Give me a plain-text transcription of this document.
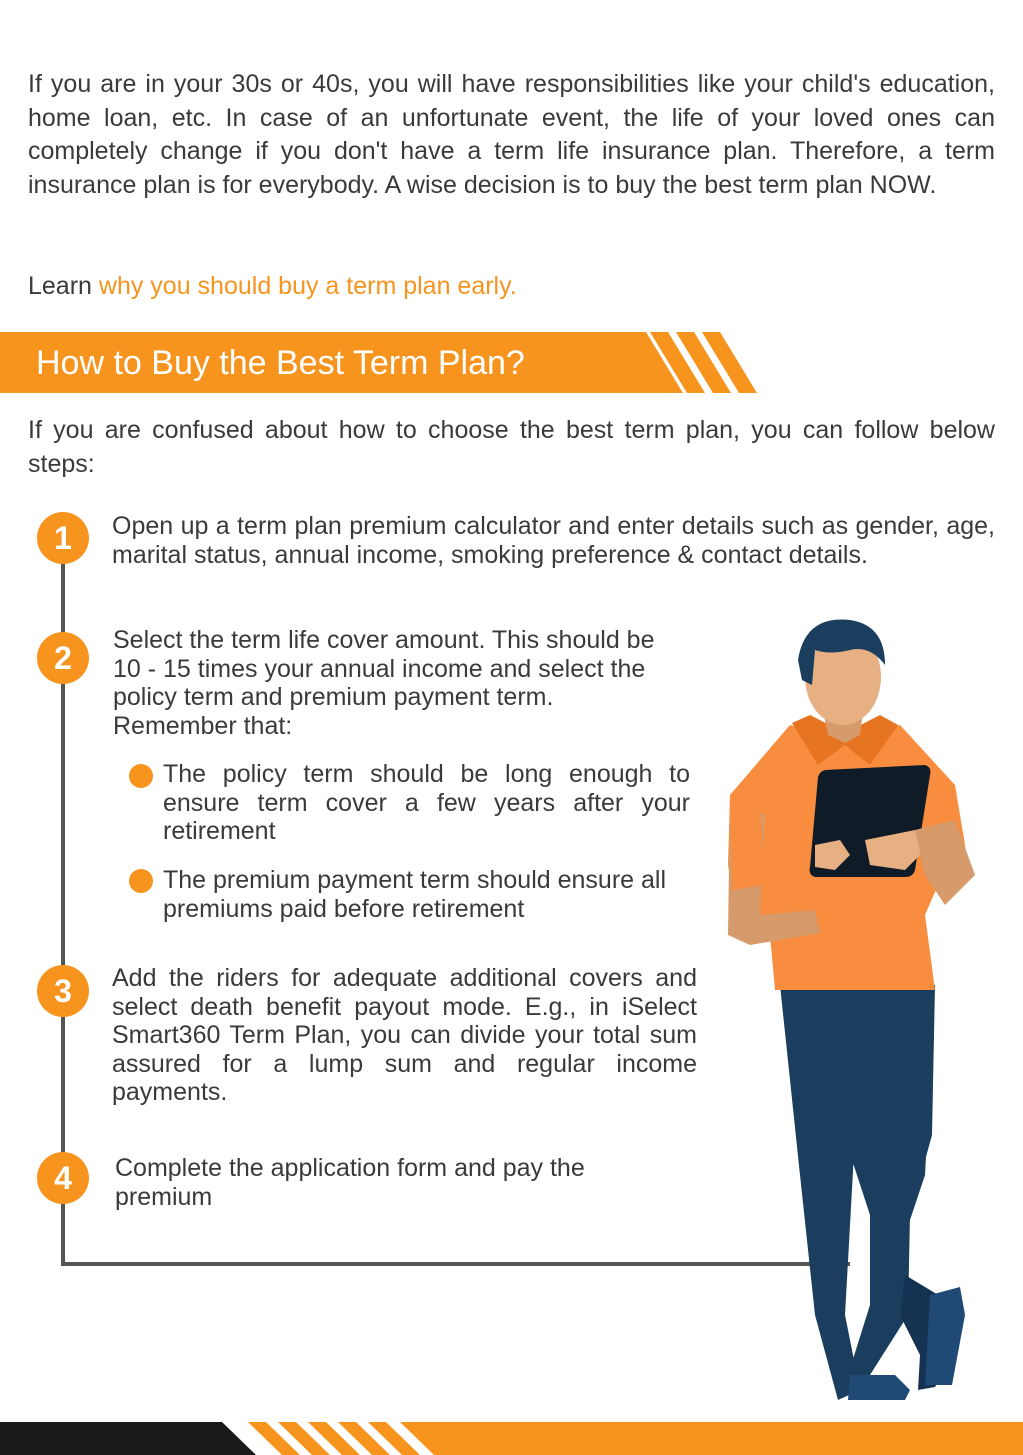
If you are in your 30s or 40s, you will have responsibilities like your child's education, home loan, etc. In case of an unfortunate event, the life of your loved ones can completely change if you don't have a term life insurance plan. Therefore, a term insurance plan is for everybody. A wise decision is to buy the best term plan NOW.

Learn why you should buy a term plan early.

How to Buy the Best Term Plan?

If you are confused about how to choose the best term plan, you can follow below steps:

1	Open up a term plan premium calculator and enter details such as gender, age, marital status, annual income, smoking preference & contact details.

2	Select the term life cover amount. This should be
10 - 15 times your annual income and select the
policy term and premium payment term.
Remember that:

The policy term should be long enough to ensure term cover a few years after your retirement

The premium payment term should ensure all premiums paid before retirement

3	Add the riders for adequate additional covers and select death benefit payout mode. E.g., in iSelect Smart360 Term Plan, you can divide your total sum assured for a lump sum and regular income payments.

4	Complete the application form and pay the
premium
